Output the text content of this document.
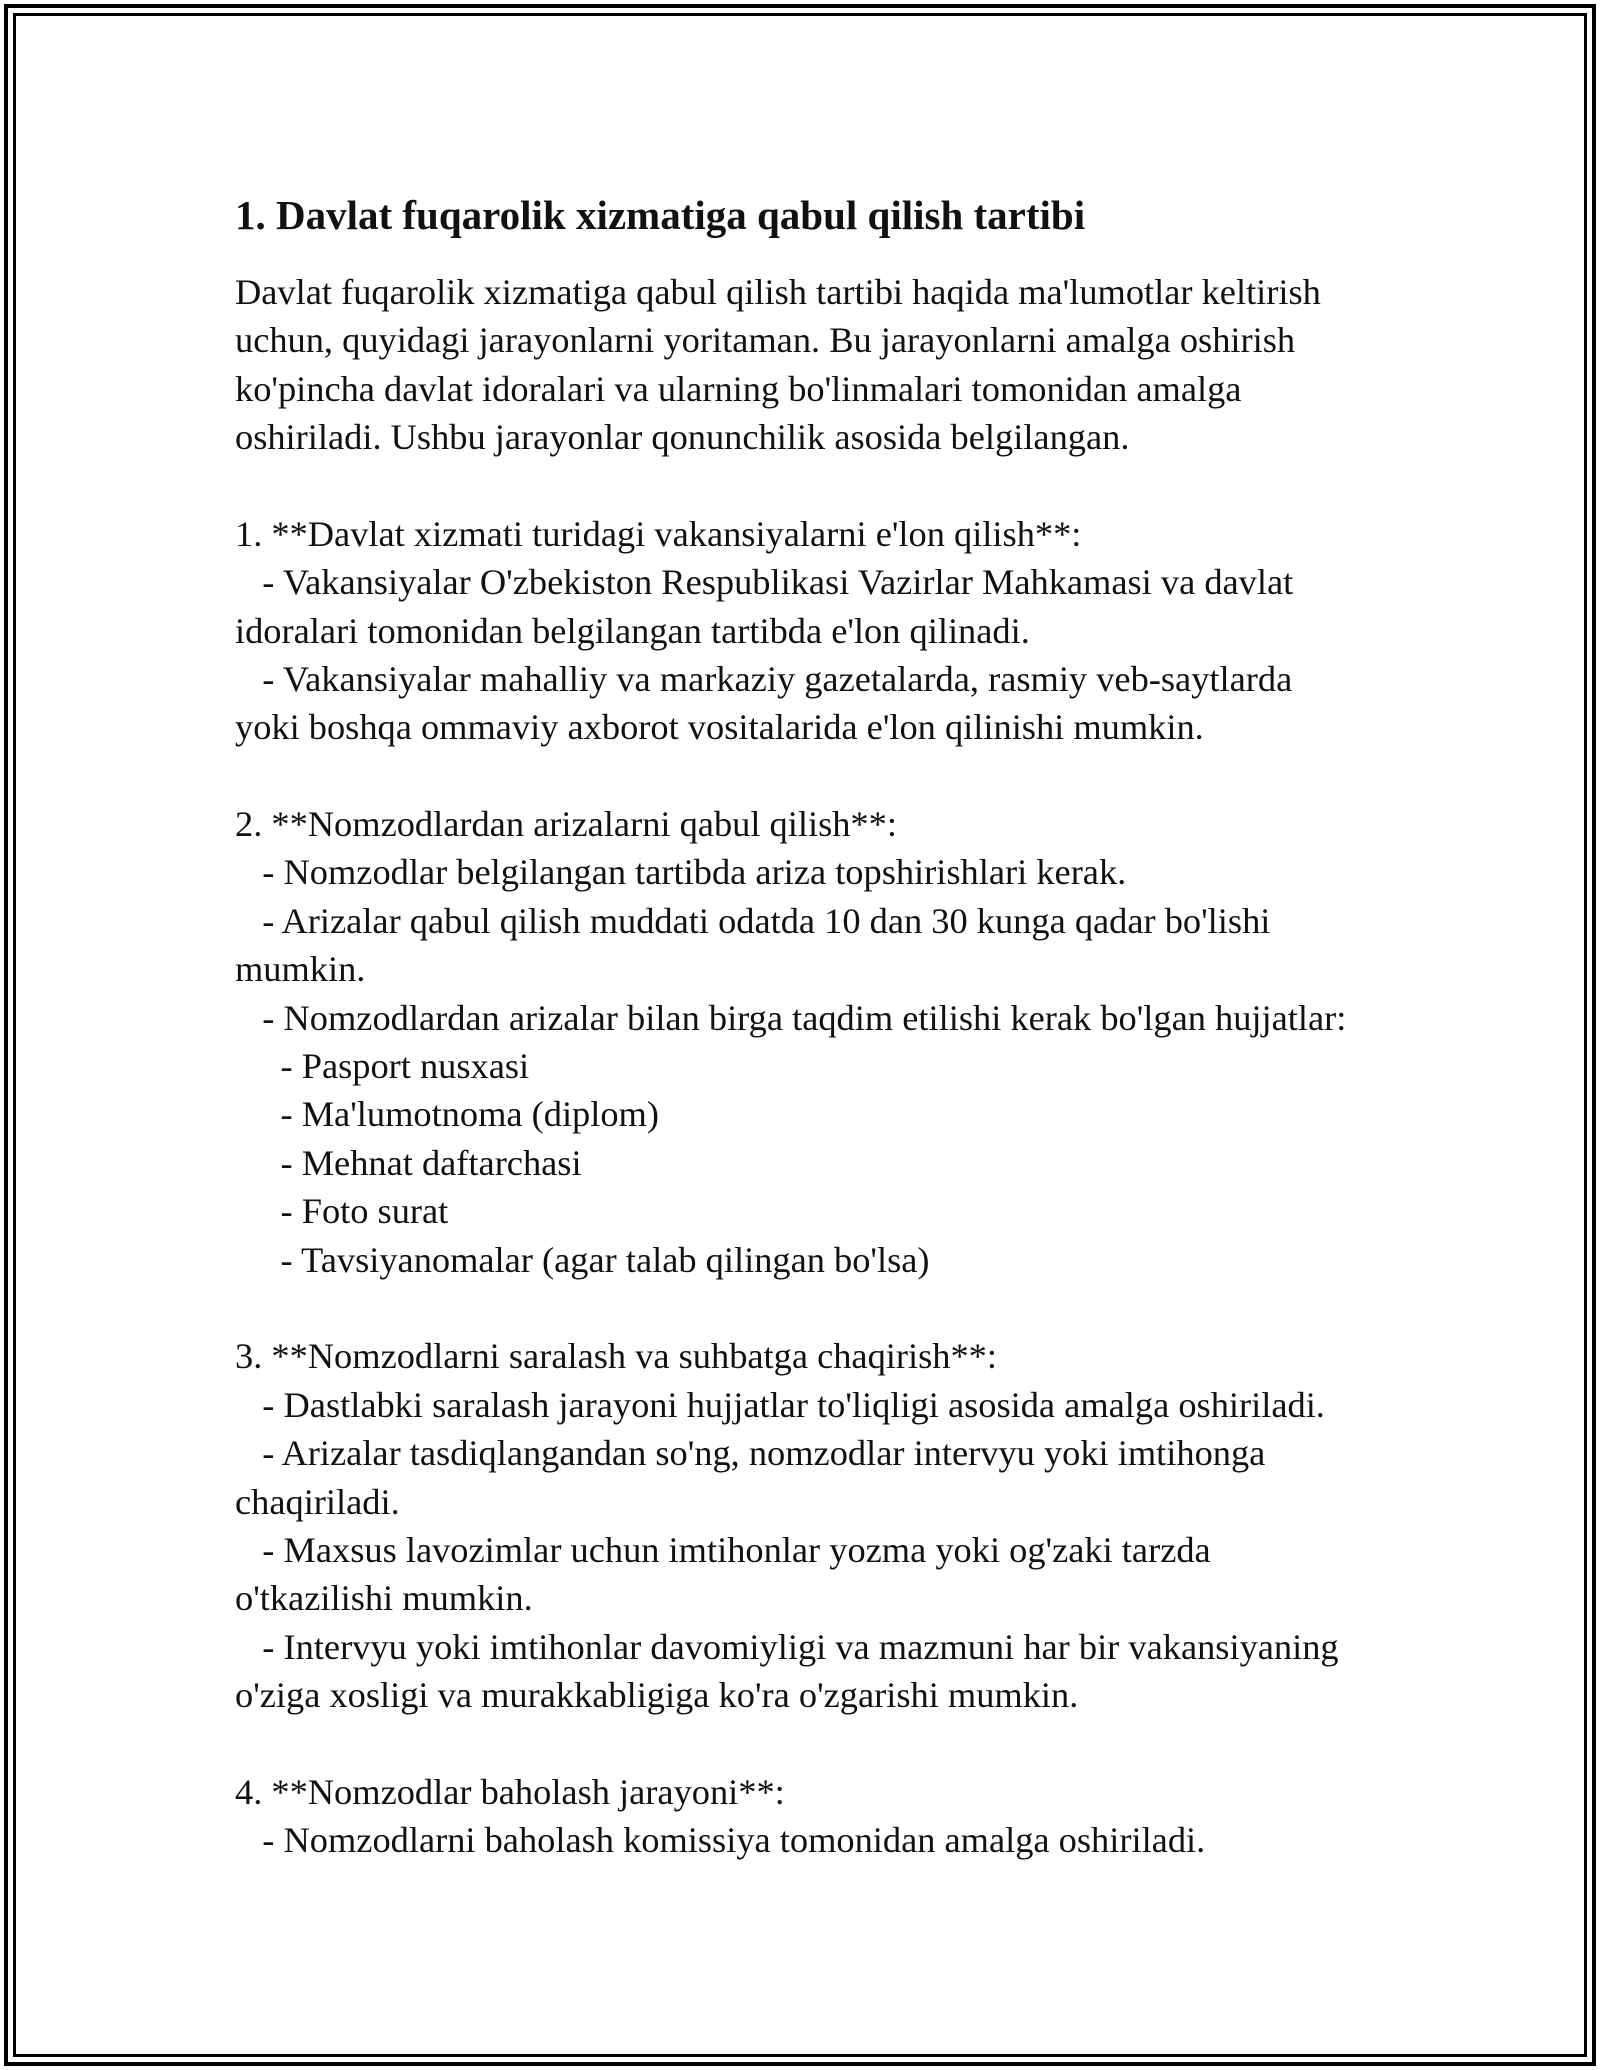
1. Davlat fuqarolik xizmatiga qabul qilish tartibi
Davlat fuqarolik xizmatiga qabul qilish tartibi haqida ma'lumotlar keltirish
uchun, quyidagi jarayonlarni yoritaman. Bu jarayonlarni amalga oshirish
ko'pincha davlat idoralari va ularning bo'linmalari tomonidan amalga
oshiriladi. Ushbu jarayonlar qonunchilik asosida belgilangan.
1. **Davlat xizmati turidagi vakansiyalarni e'lon qilish**:
- Vakansiyalar O'zbekiston Respublikasi Vazirlar Mahkamasi va davlat
idoralari tomonidan belgilangan tartibda e'lon qilinadi.
- Vakansiyalar mahalliy va markaziy gazetalarda, rasmiy veb-saytlarda
yoki boshqa ommaviy axborot vositalarida e'lon qilinishi mumkin.
2. **Nomzodlardan arizalarni qabul qilish**:
- Nomzodlar belgilangan tartibda ariza topshirishlari kerak.
- Arizalar qabul qilish muddati odatda 10 dan 30 kunga qadar bo'lishi
mumkin.
- Nomzodlardan arizalar bilan birga taqdim etilishi kerak bo'lgan hujjatlar:
- Pasport nusxasi
- Ma'lumotnoma (diplom)
- Mehnat daftarchasi
- Foto surat
- Tavsiyanomalar (agar talab qilingan bo'lsa)
3. **Nomzodlarni saralash va suhbatga chaqirish**:
- Dastlabki saralash jarayoni hujjatlar to'liqligi asosida amalga oshiriladi.
- Arizalar tasdiqlangandan so'ng, nomzodlar intervyu yoki imtihonga
chaqiriladi.
- Maxsus lavozimlar uchun imtihonlar yozma yoki og'zaki tarzda
o'tkazilishi mumkin.
- Intervyu yoki imtihonlar davomiyligi va mazmuni har bir vakansiyaning
o'ziga xosligi va murakkabligiga ko'ra o'zgarishi mumkin.
4. **Nomzodlar baholash jarayoni**:
- Nomzodlarni baholash komissiya tomonidan amalga oshiriladi.
